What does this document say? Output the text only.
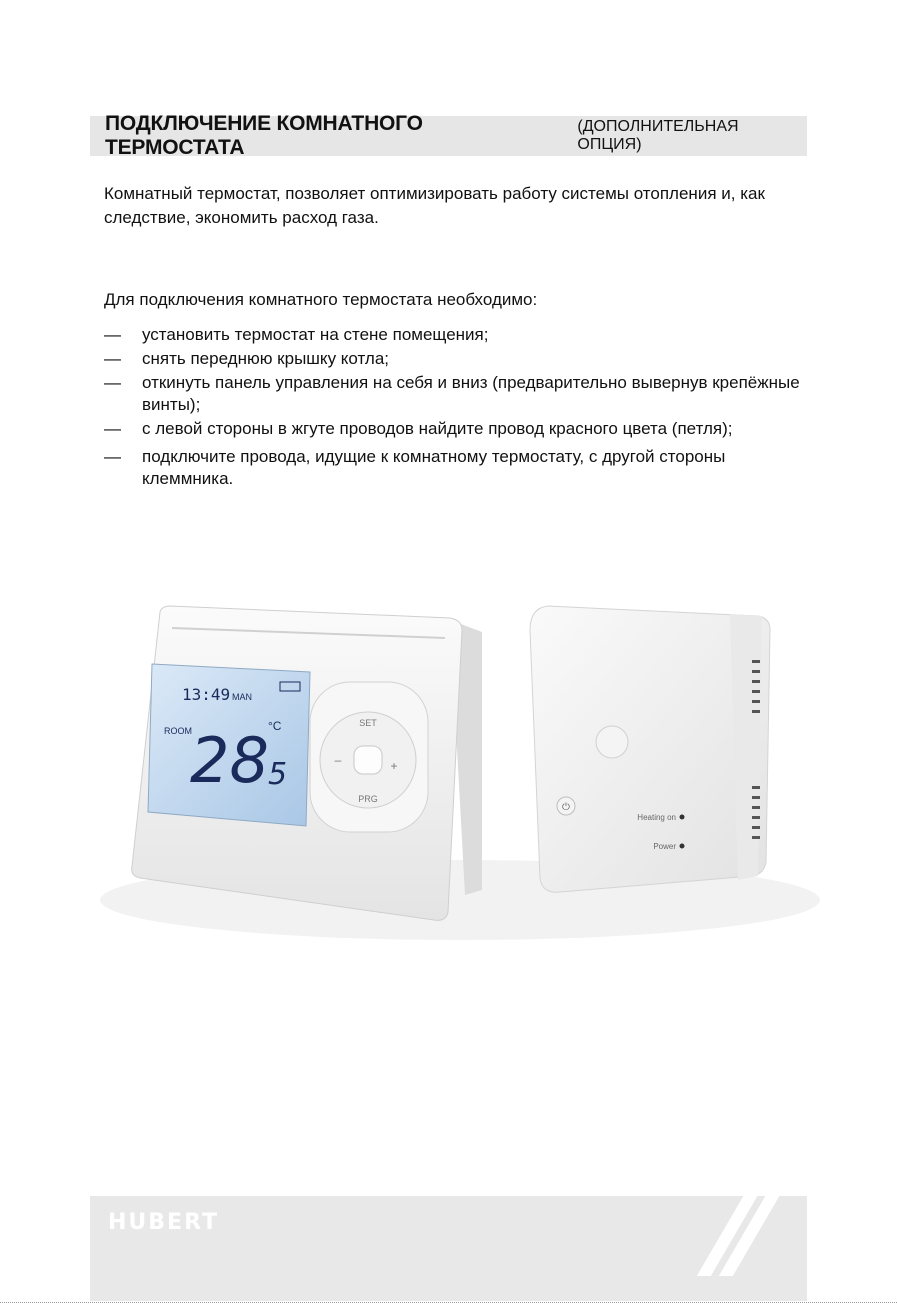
ПОДКЛЮЧЕНИЕ КОМНАТНОГО ТЕРМОСТАТА
(ДОПОЛНИТЕЛЬНАЯ ОПЦИЯ)

Комнатный термостат, позволяет оптимизировать работу системы отопления и, как следствие, экономить расход газа.

Для подключения комнатного термостата необходимо:

—	установить термостат на стене помещения;
—	снять переднюю крышку котла;
—	откинуть панель управления на себя и вниз (предварительно вывернув крепёжные винты);
—	с левой стороны в жгуте проводов найдите провод красного цвета (петля);
—	подключите провода, идущие к комнатному термостату, с другой стороны клеммника.
13:49 MAN
ROOM
28 5
°C	SET
PRG
–	+
⏻
Heating on
Power
HUBERT
